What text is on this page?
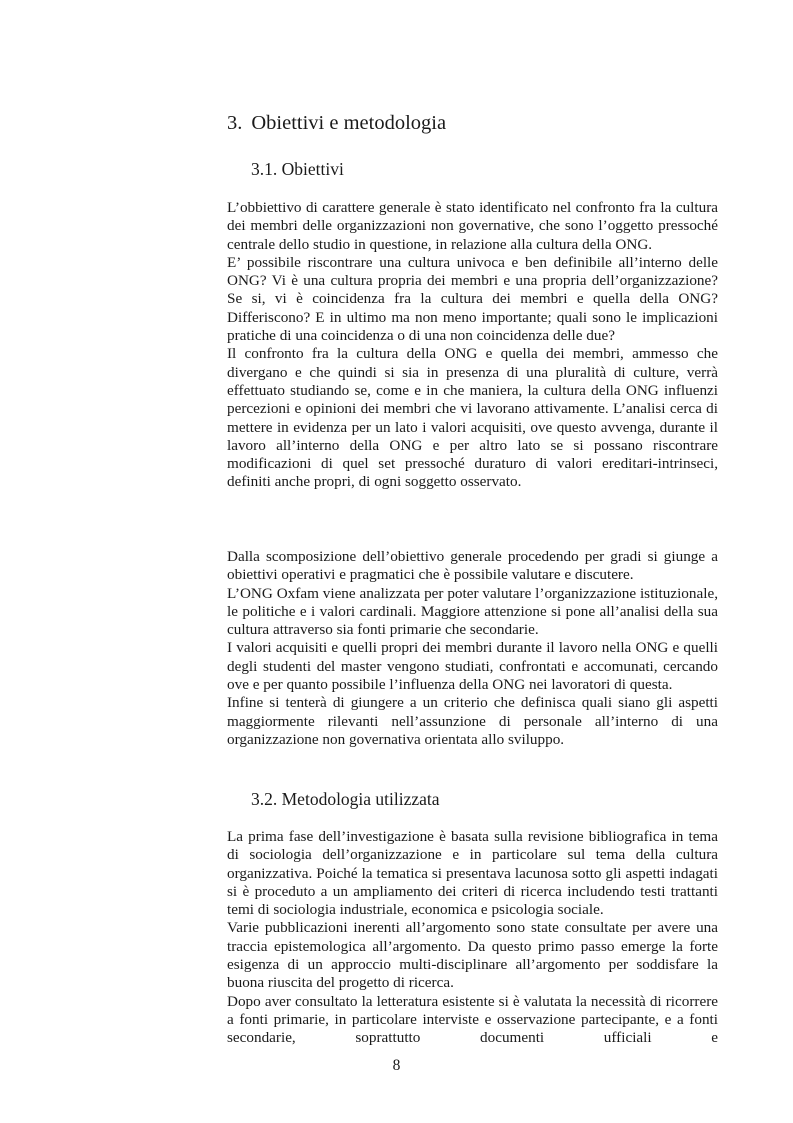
3. Obiettivi e metodologia
3.1. Obiettivi

L’obbiettivo di carattere generale è stato identificato nel confronto fra la cultura dei membri delle organizzazioni non governative, che sono l’oggetto pressoché centrale dello studio in questione, in relazione alla cultura della ONG.

E’ possibile riscontrare una cultura univoca e ben definibile all’interno delle ONG? Vi è una cultura propria dei membri e una propria dell’organizzazione? Se si, vi è coincidenza fra la cultura dei membri e quella della ONG? Differiscono? E in ultimo ma non meno importante; quali sono le implicazioni pratiche di una coincidenza o di una non coincidenza delle due?

Il confronto fra la cultura della ONG e quella dei membri, ammesso che divergano e che quindi si sia in presenza di una pluralità di culture, verrà effettuato studiando se, come e in che maniera, la cultura della ONG influenzi percezioni e opinioni dei membri che vi lavorano attivamente. L’analisi cerca di mettere in evidenza per un lato i valori acquisiti, ove questo avvenga, durante il lavoro all’interno della ONG e per altro lato se si possano riscontrare modificazioni di quel set pressoché duraturo di valori ereditari-intrinseci, definiti anche propri, di ogni soggetto osservato.

Dalla scomposizione dell’obiettivo generale procedendo per gradi si giunge a obiettivi operativi e pragmatici che è possibile valutare e discutere.

L’ONG Oxfam viene analizzata per poter valutare l’organizzazione istituzionale, le politiche e i valori cardinali. Maggiore attenzione si pone all’analisi della sua cultura attraverso sia fonti primarie che secondarie.

I valori acquisiti e quelli propri dei membri durante il lavoro nella ONG e quelli degli studenti del master vengono studiati, confrontati e accomunati, cercando ove e per quanto possibile l’influenza della ONG nei lavoratori di questa.

Infine si tenterà di giungere a un criterio che definisca quali siano gli aspetti maggiormente rilevanti nell’assunzione di personale all’interno di una organizzazione non governativa orientata allo sviluppo.

3.2. Metodologia utilizzata

La prima fase dell’investigazione è basata sulla revisione bibliografica in tema di sociologia dell’organizzazione e in particolare sul tema della cultura organizzativa. Poiché la tematica si presentava lacunosa sotto gli aspetti indagati si è proceduto a un ampliamento dei criteri di ricerca includendo testi trattanti temi di sociologia industriale, economica e psicologia sociale.

Varie pubblicazioni inerenti all’argomento sono state consultate per avere una traccia epistemologica all’argomento. Da questo primo passo emerge la forte esigenza di un approccio multi-disciplinare all’argomento per soddisfare la buona riuscita del progetto di ricerca.

Dopo aver consultato la letteratura esistente si è valutata la necessità di ricorrere a fonti primarie, in particolare interviste e osservazione partecipante, e a fonti secondarie, soprattutto documenti ufficiali e

8
